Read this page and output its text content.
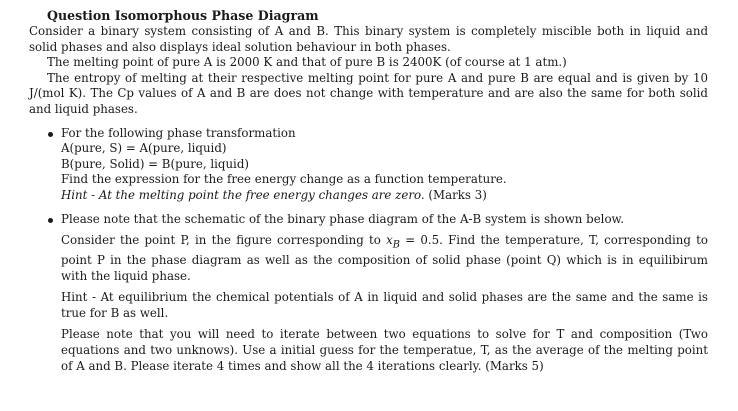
Question Isomorphous Phase Diagram

Consider a binary system consisting of A and B. This binary system is completely miscible both in liquid and solid phases and also displays ideal solution behaviour in both phases.

The melting point of pure A is 2000 K and that of pure B is 2400K (of course at 1 atm.)

The entropy of melting at their respective melting point for pure A and pure B are equal and is given by 10 J/(mol K). The Cp values of A and B are does not change with temperature and are also the same for both solid and liquid phases.

For the following phase transformation
A(pure, S) = A(pure, liquid)
B(pure, Solid) = B(pure, liquid)
Find the expression for the free energy change as a function temperature.
Hint - At the melting point the free energy changes are zero. (Marks 3)
Please note that the schematic of the binary phase diagram of the A-B system is shown below.
Consider the point P, in the figure corresponding to $x_B = 0.5$. Find the temperature, T, corresponding to point P in the phase diagram as well as the composition of solid phase (point Q) which is in equilibirum with the liquid phase.
Hint - At equilibrium the chemical potentials of A in liquid and solid phases are the same and the same is true for B as well.
Please note that you will need to iterate between two equations to solve for T and composition (Two equations and two unknows). Use a initial guess for the temperatue, T, as the average of the melting point of A and B. Please iterate 4 times and show all the 4 iterations clearly. (Marks 5)
